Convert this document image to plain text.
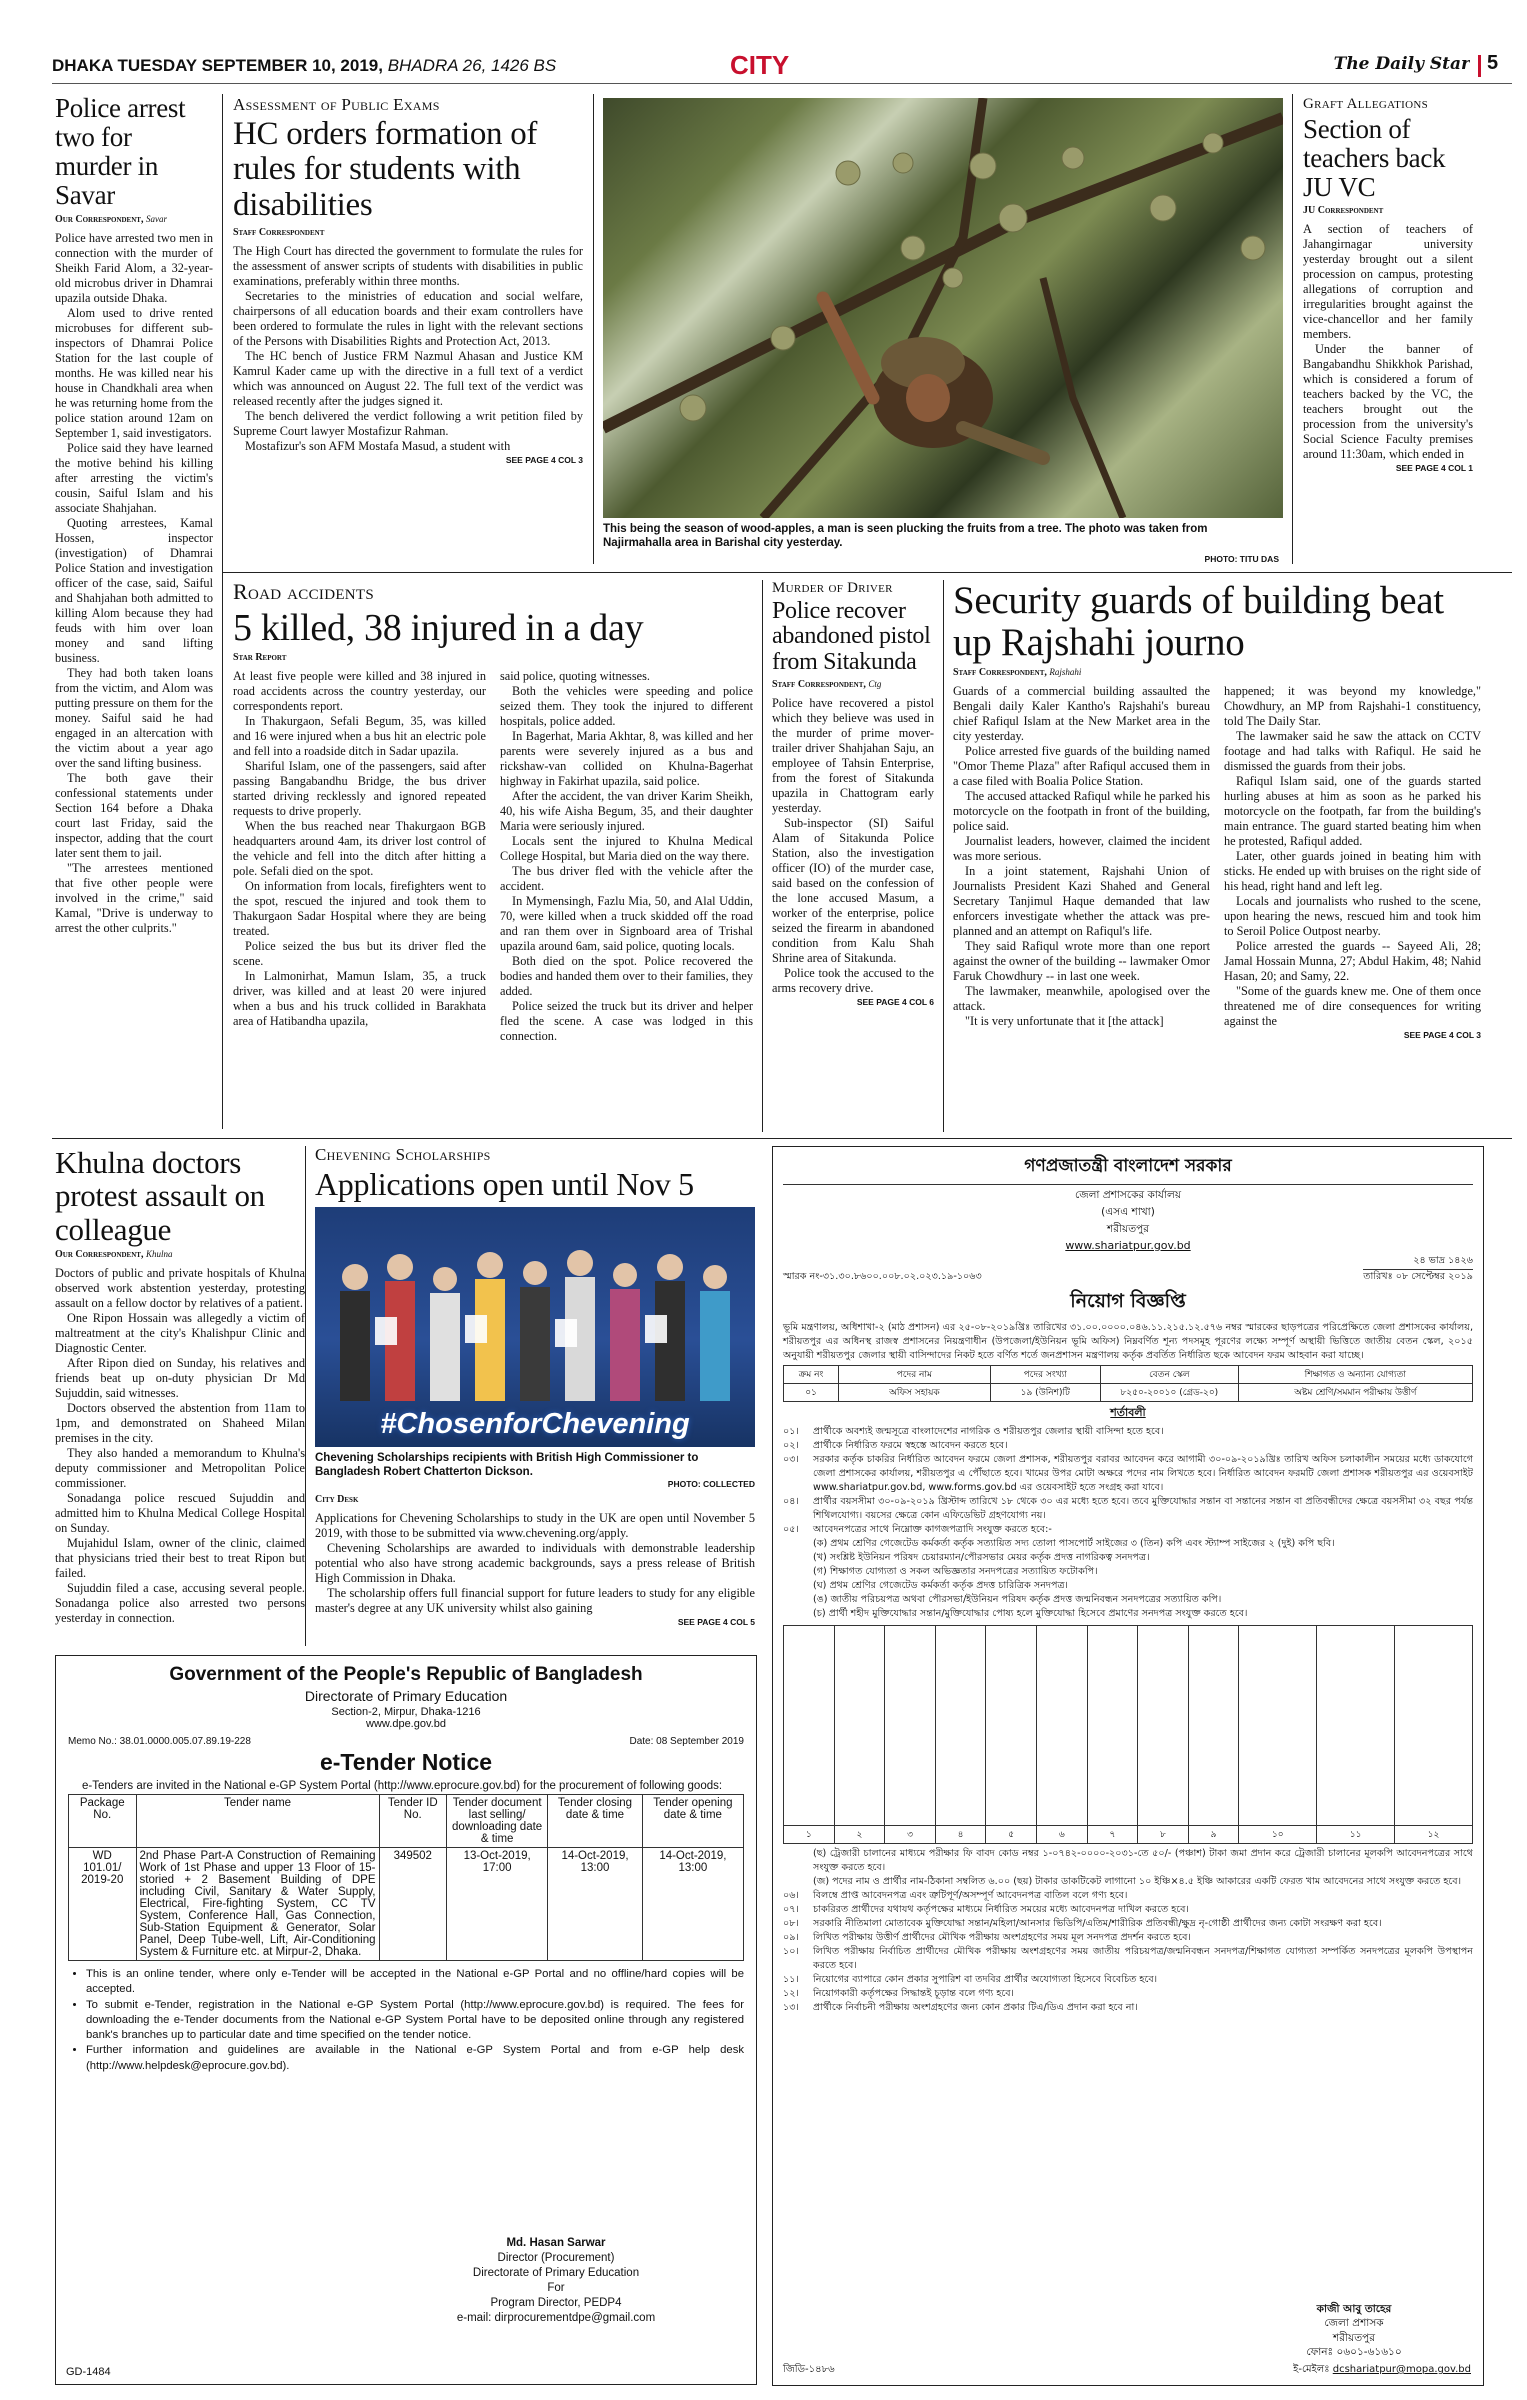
DHAKA TUESDAY SEPTEMBER 10, 2019, BHADRA 26, 1426 BS	CITY	The Daily Star 5
Police arrest two for murder in Savar
Our Correspondent, Savar

Police have arrested two men in connection with the murder of Sheikh Farid Alom, a 32-year-old microbus driver in Dhamrai upazila outside Dhaka.

Alom used to drive rented microbuses for different sub-inspectors of Dhamrai Police Station for the last couple of months. He was killed near his house in Chandkhali area when he was returning home from the police station around 12am on September 1, said investigators.

Police said they have learned the motive behind his killing after arresting the victim's cousin, Saiful Islam and his associate Shahjahan.

Quoting arrestees, Kamal Hossen, inspector (investigation) of Dhamrai Police Station and investigation officer of the case, said, Saiful and Shahjahan both admitted to killing Alom because they had feuds with him over loan money and sand lifting business.

They had both taken loans from the victim, and Alom was putting pressure on them for the money. Saiful said he had engaged in an altercation with the victim about a year ago over the sand lifting business.

The both gave their confessional statements under Section 164 before a Dhaka court last Friday, said the inspector, adding that the court later sent them to jail.

"The arrestees mentioned that five other people were involved in the crime," said Kamal, "Drive is underway to arrest the other culprits."

Assessment of Public Exams
HC orders formation of rules for students with disabilities
Staff Correspondent

The High Court has directed the government to formulate the rules for the assessment of answer scripts of students with disabilities in public examinations, preferably within three months.

Secretaries to the ministries of education and social welfare, chairpersons of all education boards and their exam controllers have been ordered to formulate the rules in light with the relevant sections of the Persons with Disabilities Rights and Protection Act, 2013.

The HC bench of Justice FRM Nazmul Ahasan and Justice KM Kamrul Kader came up with the directive in a full text of a verdict which was announced on August 22. The full text of the verdict was released recently after the judges signed it.

The bench delivered the verdict following a writ petition filed by Supreme Court lawyer Mostafizur Rahman.

Mostafizur's son AFM Mostafa Masud, a student with

SEE PAGE 4 COL 3
This being the season of wood-apples, a man is seen plucking the fruits from a tree. The photo was taken from Najirmahalla area in Barishal city yesterday.
PHOTO: TITU DAS
Graft Allegations
Section of teachers back JU VC
JU Correspondent

A section of teachers of Jahangirnagar university yesterday brought out a silent procession on campus, protesting allegations of corruption and irregularities brought against the vice-chancellor and her family members.

Under the banner of Bangabandhu Shikkhok Parishad, which is considered a forum of teachers backed by the VC, the teachers brought out the procession from the university's Social Science Faculty premises around 11:30am, which ended in

SEE PAGE 4 COL 1
Road accidents
5 killed, 38 injured in a day
Star Report

At least five people were killed and 38 injured in road accidents across the country yesterday, our correspondents report.

In Thakurgaon, Sefali Begum, 35, was killed and 16 were injured when a bus hit an electric pole and fell into a roadside ditch in Sadar upazila.

Shariful Islam, one of the passengers, said after passing Bangabandhu Bridge, the bus driver started driving recklessly and ignored repeated requests to drive properly.

When the bus reached near Thakurgaon BGB headquarters around 4am, its driver lost control of the vehicle and fell into the ditch after hitting a pole. Sefali died on the spot.

On information from locals, firefighters went to the spot, rescued the injured and took them to Thakurgaon Sadar Hospital where they are being treated.

Police seized the bus but its driver fled the scene.

In Lalmonirhat, Mamun Islam, 35, a truck driver, was killed and at least 20 were injured when a bus and his truck collided in Barakhata area of Hatibandha upazila,

said police, quoting witnesses.

Both the vehicles were speeding and police seized them. They took the injured to different hospitals, police added.

In Bagerhat, Maria Akhtar, 8, was killed and her parents were severely injured as a bus and rickshaw-van collided on Khulna-Bagerhat highway in Fakirhat upazila, said police.

After the accident, the van driver Karim Sheikh, 40, his wife Aisha Begum, 35, and their daughter Maria were seriously injured.

Locals sent the injured to Khulna Medical College Hospital, but Maria died on the way there.

The bus driver fled with the vehicle after the accident.

In Mymensingh, Fazlu Mia, 50, and Alal Uddin, 70, were killed when a truck skidded off the road and ran them over in Signboard area of Trishal upazila around 6am, said police, quoting locals.

Both died on the spot. Police recovered the bodies and handed them over to their families, they added.

Police seized the truck but its driver and helper fled the scene. A case was lodged in this connection.

Murder of Driver
Police recover abandoned pistol from Sitakunda
Staff Correspondent, Ctg

Police have recovered a pistol which they believe was used in the murder of prime mover-trailer driver Shahjahan Saju, an employee of Tahsin Enterprise, from the forest of Sitakunda upazila in Chattogram early yesterday.

Sub-inspector (SI) Saiful Alam of Sitakunda Police Station, also the investigation officer (IO) of the murder case, said based on the confession of the lone accused Masum, a worker of the enterprise, police seized the firearm in abandoned condition from Kalu Shah Shrine area of Sitakunda.

Police took the accused to the arms recovery drive.

SEE PAGE 4 COL 6
Security guards of building beat up Rajshahi journo
Staff Correspondent, Rajshahi

Guards of a commercial building assaulted the Bengali daily Kaler Kantho's Rajshahi's bureau chief Rafiqul Islam at the New Market area in the city yesterday.

Police arrested five guards of the building named "Omor Theme Plaza" after Rafiqul accused them in a case filed with Boalia Police Station.

The accused attacked Rafiqul while he parked his motorcycle on the footpath in front of the building, police said.

Journalist leaders, however, claimed the incident was more serious.

In a joint statement, Rajshahi Union of Journalists President Kazi Shahed and General Secretary Tanjimul Haque demanded that law enforcers investigate whether the attack was pre-planned and an attempt on Rafiqul's life.

They said Rafiqul wrote more than one report against the owner of the building -- lawmaker Omor Faruk Chowdhury -- in last one week.

The lawmaker, meanwhile, apologised over the attack.

"It is very unfortunate that it [the attack]

happened; it was beyond my knowledge," Chowdhury, an MP from Rajshahi-1 constituency, told The Daily Star.

The lawmaker said he saw the attack on CCTV footage and had talks with Rafiqul. He said he dismissed the guards from their jobs.

Rafiqul Islam said, one of the guards started hurling abuses at him as soon as he parked his motorcycle on the footpath, far from the building's main entrance. The guard started beating him when he protested, Rafiqul added.

Later, other guards joined in beating him with sticks. He ended up with bruises on the right side of his head, right hand and left leg.

Locals and journalists who rushed to the scene, upon hearing the news, rescued him and took him to Seroil Police Outpost nearby.

Police arrested the guards -- Sayeed Ali, 28; Jamal Hossain Munna, 27; Abdul Hakim, 48; Nahid Hasan, 20; and Samy, 22.

"Some of the guards knew me. One of them once threatened me of dire consequences for writing against the

SEE PAGE 4 COL 3
Khulna doctors protest assault on colleague
Our Correspondent, Khulna

Doctors of public and private hospitals of Khulna observed work abstention yesterday, protesting assault on a fellow doctor by relatives of a patient.

One Ripon Hossain was allegedly a victim of maltreatment at the city's Khalishpur Clinic and Diagnostic Center.

After Ripon died on Sunday, his relatives and friends beat up on-duty physician Dr Md Sujuddin, said witnesses.

Doctors observed the abstention from 11am to 1pm, and demonstrated on Shaheed Milan premises in the city.

They also handed a memorandum to Khulna's deputy commissioner and Metropolitan Police commissioner.

Sonadanga police rescued Sujuddin and admitted him to Khulna Medical College Hospital on Sunday.

Mujahidul Islam, owner of the clinic, claimed that physicians tried their best to treat Ripon but failed.

Sujuddin filed a case, accusing several people. Sonadanga police also arrested two persons yesterday in connection.

Chevening Scholarships
Applications open until Nov 5
#ChosenforChevening
Chevening Scholarships recipients with British High Commissioner to Bangladesh Robert Chatterton Dickson.
PHOTO: COLLECTED
City Desk

Applications for Chevening Scholarships to study in the UK are open until November 5 2019, with those to be submitted via www.chevening.org/apply.

Chevening Scholarships are awarded to individuals with demonstrable leadership potential who also have strong academic backgrounds, says a press release of British High Commission in Dhaka.

The scholarship offers full financial support for future leaders to study for any eligible master's degree at any UK university whilst also gaining

SEE PAGE 4 COL 5
Government of the People's Republic of Bangladesh
Directorate of Primary Education
Section-2, Mirpur, Dhaka-1216
www.dpe.gov.bd
Memo No.: 38.01.0000.005.07.89.19-228	Date: 08 September 2019
e-Tender Notice
e-Tenders are invited in the National e-GP System Portal (http://www.eprocure.gov.bd) for the procurement of following goods:
Package No.	Tender name	Tender ID No.	Tender document last selling/ downloading date & time	Tender closing date & time	Tender opening date & time
WD 101.01/ 2019-20	2nd Phase Part-A Construction of Remaining Work of 1st Phase and upper 13 Floor of 15-storied + 2 Basement Building of DPE including Civil, Sanitary & Water Supply, Electrical, Fire-fighting System, CC TV System, Conference Hall, Gas Connection, Sub-Station Equipment & Generator, Solar Panel, Deep Tube-well, Lift, Air-Conditioning System & Furniture etc. at Mirpur-2, Dhaka.	349502	13-Oct-2019, 17:00	14-Oct-2019, 13:00	14-Oct-2019, 13:00
• This is an online tender, where only e-Tender will be accepted in the National e-GP Portal and no offline/hard copies will be accepted.
• To submit e-Tender, registration in the National e-GP System Portal (http://www.eprocure.gov.bd) is required. The fees for downloading the e-Tender documents from the National e-GP System Portal have to be deposited online through any registered bank's branches up to particular date and time specified on the tender notice.
• Further information and guidelines are available in the National e-GP System Portal and from e-GP help desk (http://www.helpdesk@eprocure.gov.bd).
Md. Hasan Sarwar
Director (Procurement)
Directorate of Primary Education
For
Program Director, PEDP4
e-mail: dirprocurementdpe@gmail.com
GD-1484
গণপ্রজাতন্ত্রী বাংলাদেশ সরকার
জেলা প্রশাসকের কার্যালয়
(এসএ শাখা)
শরীয়তপুর
www.shariatpur.gov.bd
স্মারক নং-৩১.৩০.৮৬০০.০০৮.০২.০২৩.১৯-১০৬৩
২৪ ভাদ্র ১৪২৬
তারিখঃ ০৮ সেপ্টেম্বর ২০১৯
নিয়োগ বিজ্ঞপ্তি
ভূমি মন্ত্রণালয়, অধিশাখা-২ (মাঠ প্রশাসন) এর ২৫-০৮-২০১৯খ্রিঃ তারিখের ৩১.০০.০০০০.০৪৬.১১.২১৫.১২.৫৭৬ নম্বর স্মারকের ছাড়পত্রের পরিপ্রেক্ষিতে জেলা প্রশাসকের কার্যালয়, শরীয়তপুর এর অধিনস্থ রাজস্ব প্রশাসনের নিয়ন্ত্রণাধীন (উপজেলা/ইউনিয়ন ভূমি অফিস) নিম্নবর্ণিত শূন্য পদসমূহ পূরণের লক্ষ্যে সম্পূর্ণ অস্থায়ী ভিত্তিতে জাতীয় বেতন স্কেল, ২০১৫ অনুযায়ী শরীয়তপুর জেলার স্থায়ী বাসিন্দাদের নিকট হতে বর্ণিত শর্তে জনপ্রশাসন মন্ত্রণালয় কর্তৃক প্রবর্তিত নির্ধারিত ছকে আবেদন ফরম আহবান করা যাচ্ছে।
ক্রম নং	পদের নাম	পদের সংখ্যা	বেতন স্কেল	শিক্ষাগত ও অন্যান্য যোগ্যতা
০১	অফিস সহায়ক	১৯ (উনিশ)টি	৮২৫০-২০০১০ (গ্রেড-২০)	অষ্টম শ্রেণি/সমমান পরীক্ষায় উত্তীর্ণ
শর্তাবলী
০১।	প্রার্থীকে অবশ্যই জন্মসূত্রে বাংলাদেশের নাগরিক ও শরীয়তপুর জেলার স্থায়ী বাসিন্দা হতে হবে।
০২।	প্রার্থীকে নির্ধারিত ফরমে স্বহস্তে আবেদন করতে হবে।
০৩।	সরকার কর্তৃক চাকরির নির্ধারিত আবেদন ফরমে জেলা প্রশাসক, শরীয়তপুর বরাবর আবেদন করে আগামী ৩০-০৯-২০১৯খ্রিঃ তারিখ অফিস চলাকালীন সময়ের মধ্যে ডাকযোগে জেলা প্রশাসকের কার্যালয়, শরীয়তপুর এ পৌঁছাতে হবে। খামের উপর মোটা অক্ষরে পদের নাম লিখতে হবে। নির্ধারিত আবেদন ফরমটি জেলা প্রশাসক শরীয়তপুর এর ওয়েবসাইট www.shariatpur.gov.bd, www.forms.gov.bd এর ওয়েবসাইট হতে সংগ্রহ করা যাবে।
০৪।	প্রার্থীর বয়সসীমা ৩০-০৯-২০১৯ খ্রিস্টাব্দ তারিখে ১৮ থেকে ৩০ এর মধ্যে হতে হবে। তবে মুক্তিযোদ্ধার সন্তান বা সন্তানের সন্তান বা প্রতিবন্ধীদের ক্ষেত্রে বয়সসীমা ৩২ বছর পর্যন্ত শিথিলযোগ্য। বয়সের ক্ষেত্রে কোন এফিডেভিট গ্রহণযোগ্য নয়।
০৫।	আবেদনপত্রের সাথে নিম্নোক্ত কাগজপত্রাদি সংযুক্ত করতে হবে:-
(ক) প্রথম শ্রেণির গেজেটেড কর্মকর্তা কর্তৃক সত্যায়িত সদ্য তোলা পাসপোর্ট সাইজের ৩ (তিন) কপি এবং স্ট্যাম্প সাইজের ২ (দুই) কপি ছবি।
(খ) সংশ্লিষ্ট ইউনিয়ন পরিষদ চেয়ারম্যান/পৌরসভার মেয়র কর্তৃক প্রদত্ত নাগরিকত্ব সনদপত্র।
(গ) শিক্ষাগত যোগ্যতা ও সকল অভিজ্ঞতার সনদপত্রের সত্যায়িত ফটোকপি।
(ঘ) প্রথম শ্রেণির গেজেটেড কর্মকর্তা কর্তৃক প্রদত্ত চারিত্রিক সনদপত্র।
(ঙ) জাতীয় পরিচয়পত্র অথবা পৌরসভা/ইউনিয়ন পরিষদ কর্তৃক প্রদত্ত জন্মনিবন্ধন সনদপত্রের সত্যায়িত কপি।
(চ) প্রার্থী শহীদ মুক্তিযোদ্ধার সন্তান/মুক্তিযোদ্ধার পোষ্য হলে মুক্তিযোদ্ধা হিসেবে প্রমাণের সনদপত্র সংযুক্ত করতে হবে।

১	২	৩	৪	৫	৬	৭	৮	৯	১০	১১	১২
(ছ) ট্রেজারী চালানের মাধ্যমে পরীক্ষার ফি বাবদ কোড নম্বর ১-০৭৪২-০০০০-২০৩১-তে ৫০/- (পঞ্চাশ) টাকা জমা প্রদান করে ট্রেজারী চালানের মূলকপি আবেদনপত্রের সাথে সংযুক্ত করতে হবে।
(জ) পদের নাম ও প্রার্থীর নাম-ঠিকানা সম্বলিত ৬.০০ (ছয়) টাকার ডাকটিকেট লাগানো ১০ ইঞ্চি×৪.৫ ইঞ্চি আকারের একটি ফেরত খাম আবেদনের সাথে সংযুক্ত করতে হবে।
০৬।	বিলম্বে প্রাপ্ত আবেদনপত্র এবং ত্রুটিপূর্ণ/অসম্পূর্ণ আবেদনপত্র বাতিল বলে গণ্য হবে।
০৭।	চাকরিরত প্রার্থীদের যথাযথ কর্তৃপক্ষের মাধ্যমে নির্ধারিত সময়ের মধ্যে আবেদনপত্র দাখিল করতে হবে।
০৮।	সরকারি নীতিমালা মোতাবেক মুক্তিযোদ্ধা সন্তান/মহিলা/আনসার ভিডিপি/এতিম/শারীরিক প্রতিবন্ধী/ক্ষুদ্র নৃ-গোষ্ঠী প্রার্থীদের জন্য কোটা সংরক্ষণ করা হবে।
০৯।	লিখিত পরীক্ষায় উত্তীর্ণ প্রার্থীদের মৌখিক পরীক্ষায় অংশগ্রহণের সময় মূল সনদপত্র প্রদর্শন করতে হবে।
১০।	লিখিত পরীক্ষায় নির্বাচিত প্রার্থীদের মৌখিক পরীক্ষায় অংশগ্রহণের সময় জাতীয় পরিচয়পত্র/জন্মনিবন্ধন সনদপত্র/শিক্ষাগত যোগ্যতা সম্পর্কিত সনদপত্রের মূলকপি উপস্থাপন করতে হবে।
১১।	নিয়োগের ব্যাপারে কোন প্রকার সুপারিশ বা তদবির প্রার্থীর অযোগ্যতা হিসেবে বিবেচিত হবে।
১২।	নিয়োগকারী কর্তৃপক্ষের সিদ্ধান্তই চূড়ান্ত বলে গণ্য হবে।
১৩।	প্রার্থীকে নির্বাচনী পরীক্ষায় অংশগ্রহণের জন্য কোন প্রকার টিএ/ডিএ প্রদান করা হবে না।
কাজী আবু তাহের
জেলা প্রশাসক
শরীয়তপুর
ফোনঃ ০৬০১-৬১৬১০
জিডি-১৪৮৬	ই-মেইলঃ dcshariatpur@mopa.gov.bd
